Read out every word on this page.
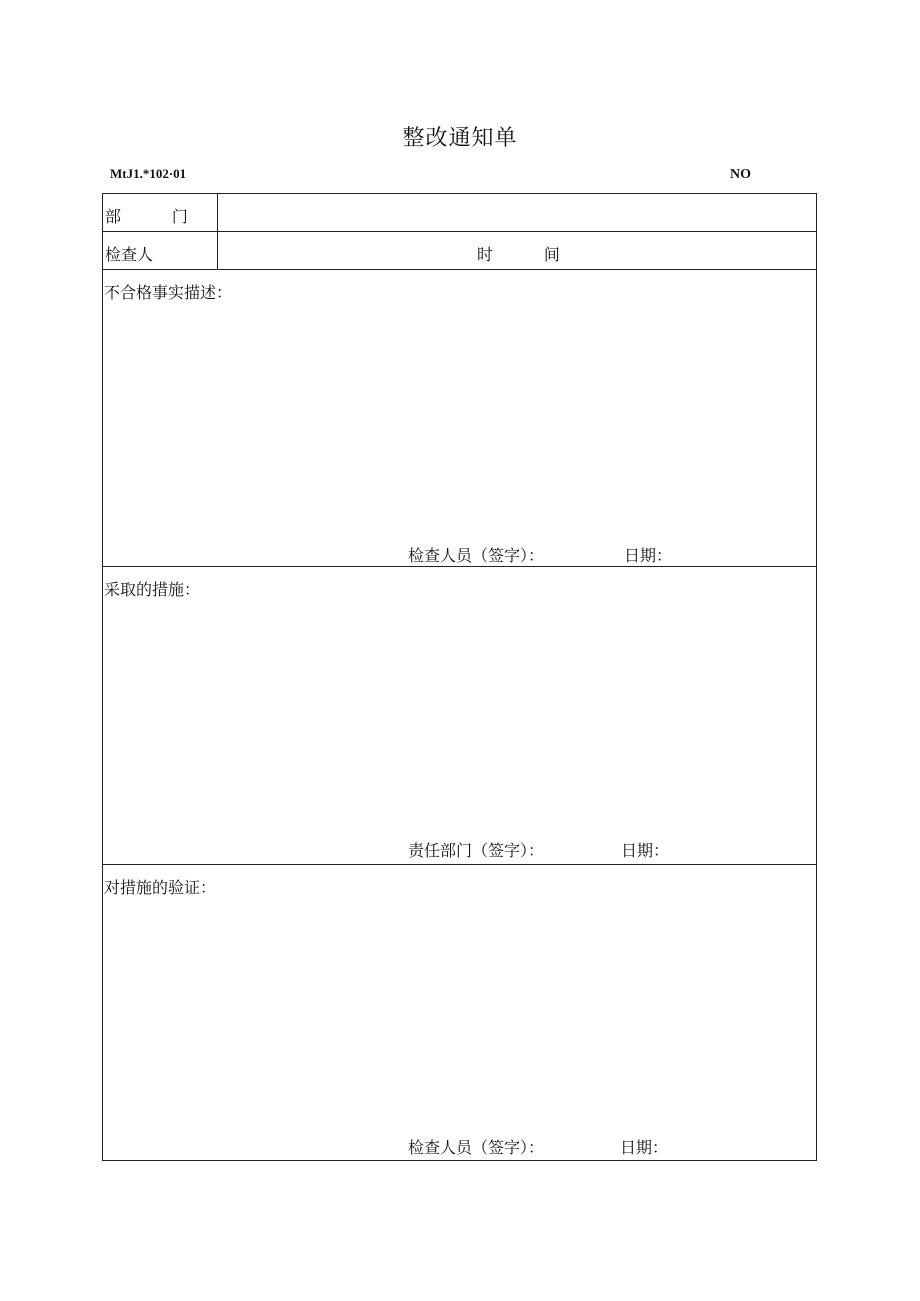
整改通知单
MtJ1.*102·01	NO
部          门
检查人	时          间
不合格事实描述：
检查人员（签字）：	日期：
采取的措施：
责任部门（签字）：	日期：
对措施的验证：
检查人员（签字）：	日期：
